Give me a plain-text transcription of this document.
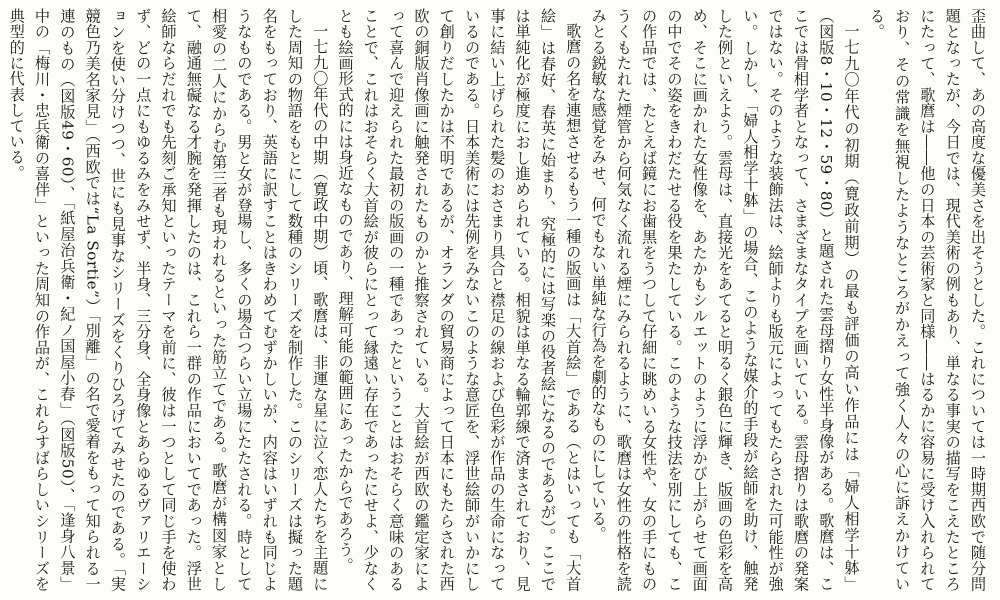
歪曲して、あの高度な優美さを出そうとした。これについては一時期西欧で随分問題となったが、今日では、現代美術の例もあり、単なる事実の描写をこえたところにたって、歌麿は――他の日本の芸術家と同様――はるかに容易に受け入れられており、その常識を無視したようなところがかえって強く人々の心に訴えかけている。

一七九〇年代の初期（寛政前期）の最も評価の高い作品には「婦人相学十躰」（図版8・10・12・59・80）と題された雲母摺り女性半身像がある。歌麿は、ここでは骨相学者となって、さまざまなタイプを画いている。雲母摺りは歌麿の発案ではない。そのような装飾法は、絵師よりも版元によってもたらされた可能性が強い。しかし、「婦人相学十躰」の場合、このような媒介的手段が絵師を助け、触発した例といえよう。雲母は、直接光をあてると明るく銀色に輝き、版画の色彩を高め、そこに画かれた女性像を、あたかもシルエットのように浮かび上がらせて画面の中でその姿をきわだたせる役を果たしている。このような技法を別にしても、この作品では、たとえば鏡にお歯黒をうつして仔細に眺めいる女性や、女の手にものうくもたれた煙管から何気なく流れる煙にみられるように、歌麿は女性の性格を読みとる鋭敏な感覚をみせ、何でもない単純な行為を劇的なものにしている。

歌麿の名を連想させるもう一種の版画は「大首絵」である（とはいっても「大首絵」は春好、春英に始まり、究極的には写楽の役者絵になるのであるが）。ここでは単純化が極度におし進められている。相貌は単なる輪郭線で済まされており、見事に結い上げられた髪のおさまり具合と襟足の線および色彩が作品の生命になっているのである。日本美術には先例をみないこのような意匠を、浮世絵師がいかにして創りだしたかは不明であるが、オランダの貿易商によって日本にもたらされた西欧の銅版肖像画に触発されたものかと推察されている。大首絵が西欧の鑑定家によって喜んで迎えられた最初の版画の一種であったということはおそらく意味のあることで、これはおそらく大首絵が彼らにとって縁遠い存在であったにせよ、少なくとも絵画形式的には身近なものであり、理解可能の範囲にあったからであろう。

一七九〇年代の中期（寛政中期）頃、歌麿は、非運な星に泣く恋人たちを主題にした周知の物語をもとにして数種のシリーズを制作した。このシリーズは擬った題名をもっており、英語に訳すことはきわめてむずかしいが、内容はいずれも同じようなものである。男と女が登場し、多くの場合つらい立場にたたされる。時として相愛の二人にからむ第三者も現われるといった筋立てである。歌麿が構図家として、融通無礙なる才腕を発揮したのは、これら一群の作品においてであった。浮世絵師ならだれでも先刻ご承知といったテーマを前に、彼は一つとして同じ手を使わず、どの一点にもゆるみをみせず、半身、三分身、全身像とあらゆるヴァリエーションを使い分けつつ、世にも見事なシリーズをくりひろげてみせたのである。「実競色乃美名家見」（西欧では“La Sortie”）「別離」の名で愛着をもって知られる一連のもの（図版49・60）、「紙屋治兵衛・紀ノ国屋小春」（図版50）、「逢身八景」中の「梅川・忠兵衛の喜伴」といった周知の作品が、これらすばらしいシリーズを典型的に代表している。
